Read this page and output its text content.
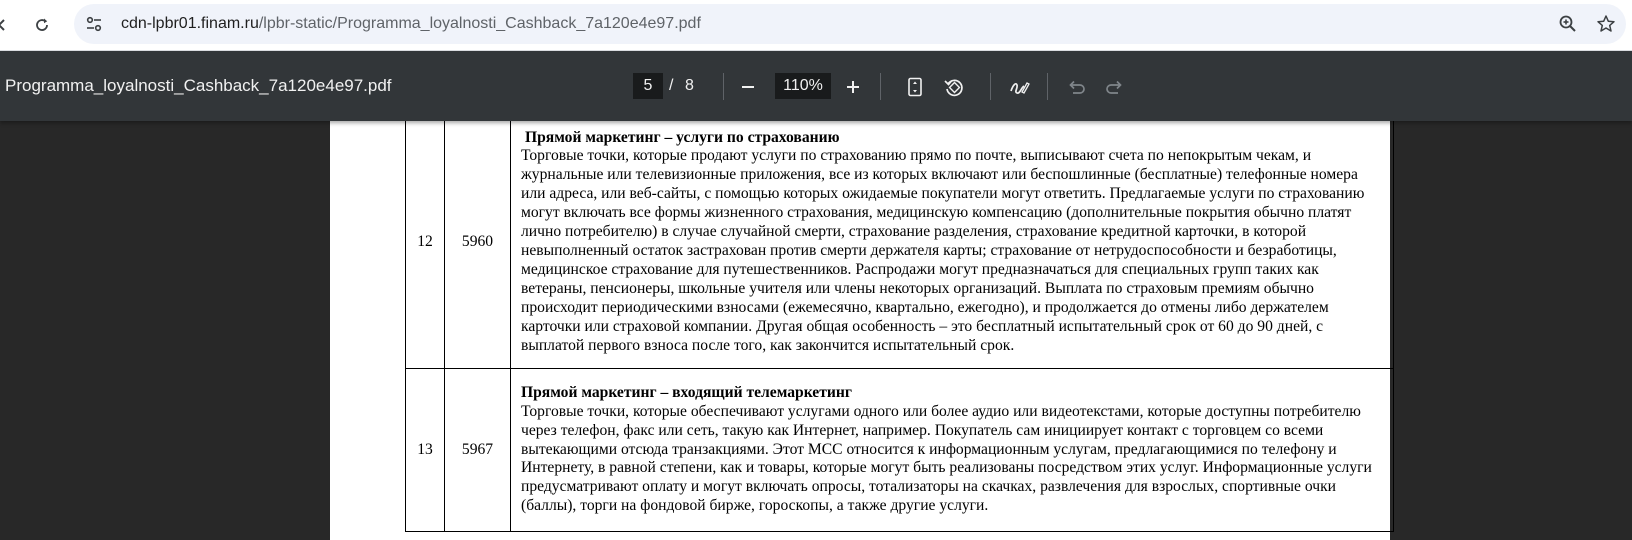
cdn-lpbr01.finam.ru/lpbr-static/Programma_loyalnosti_Cashback_7a120e4e97.pdf
Programma_loyalnosti_Cashback_7a120e4e97.pdf	5	/ 8	110%

12	5960	Прямой маркетинг – услуги по страхованию
Торговые точки, которые продают услуги по страхованию прямо по почте, выписывают счета по непокрытым чекам, и журнальные или телевизионные приложения, все из которых включают или беспошлинные (бесплатные) телефонные номера или адреса, или веб-сайты, с помощью которых ожидаемые покупатели могут ответить. Предлагаемые услуги по страхованию могут включать все формы жизненного страхования, медицинскую компенсацию (дополнительные покрытия обычно платят лично потребителю) в случае случайной смерти, страхование разделения, страхование кредитной карточки, в которой невыполненный остаток застрахован против смерти держателя карты; страхование от нетрудоспособности и безработицы, медицинское страхование для путешественников. Распродажи могут предназначаться для специальных групп таких как ветераны, пенсионеры, школьные учителя или члены некоторых организаций. Выплата по страховым премиям обычно происходит периодическими взносами (ежемесячно, квартально, ежегодно), и продолжается до отмены либо держателем карточки или страховой компании. Другая общая особенность – это бесплатный испытательный срок от 60 до 90 дней, с выплатой первого взноса после того, как закончится испытательный срок.

13	5967	Прямой маркетинг – входящий телемаркетинг
Торговые точки, которые обеспечивают услугами одного или более аудио или видеотекстами, которые доступны потребителю через телефон, факс или сеть, такую как Интернет, например. Покупатель сам инициирует контакт с торговцем со всеми вытекающими отсюда транзакциями. Этот МСС относится к информационным услугам, предлагающимися по телефону и Интернету, в равной степени, как и товары, которые могут быть реализованы посредством этих услуг. Информационные услуги предусматривают оплату и могут включать опросы, тотализаторы на скачках, развлечения для взрослых, спортивные очки (баллы), торги на фондовой бирже, гороскопы, а также другие услуги.
